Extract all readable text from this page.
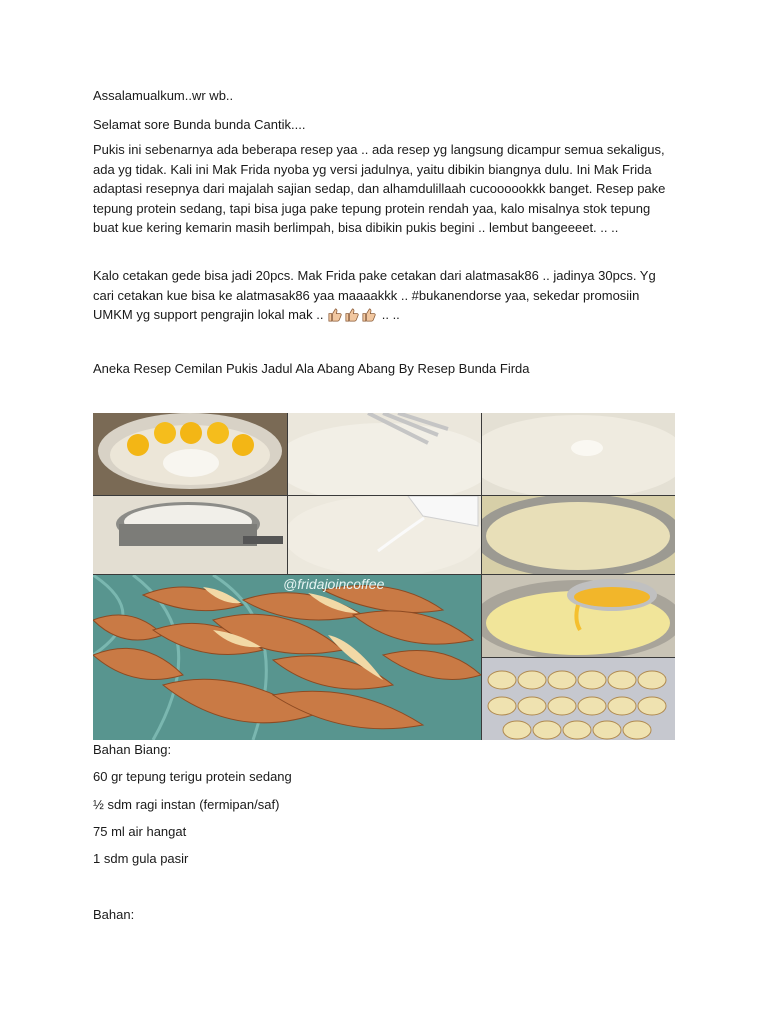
Assalamualkum..wr wb..

Selamat sore Bunda bunda Cantik....

Pukis ini sebenarnya ada beberapa resep yaa .. ada resep yg langsung dicampur semua sekaligus, ada yg tidak. Kali ini Mak Frida nyoba yg versi jadulnya, yaitu dibikin biangnya dulu. Ini Mak Frida adaptasi resepnya dari majalah sajian sedap, dan alhamdulillaah cucoooookkk banget. Resep pake tepung protein sedang, tapi bisa juga pake tepung protein rendah yaa, kalo misalnya stok tepung buat kue kering kemarin masih berlimpah, bisa dibikin pukis begini .. lembut bangeeeet. .. ..

Kalo cetakan gede bisa jadi 20pcs. Mak Frida pake cetakan dari alatmasak86 .. jadinya 30pcs. Yg cari cetakan kue bisa ke alatmasak86 yaa maaaakkk .. #bukanendorse yaa, sekedar promosiin UMKM yg support pengrajin lokal mak ..	.. ..

Aneka Resep Cemilan Pukis Jadul Ala Abang Abang By Resep Bunda Firda

@fridajoincoffee

Bahan Biang:

60 gr tepung terigu protein sedang

½ sdm ragi instan (fermipan/saf)

75 ml air hangat

1 sdm gula pasir

Bahan:
